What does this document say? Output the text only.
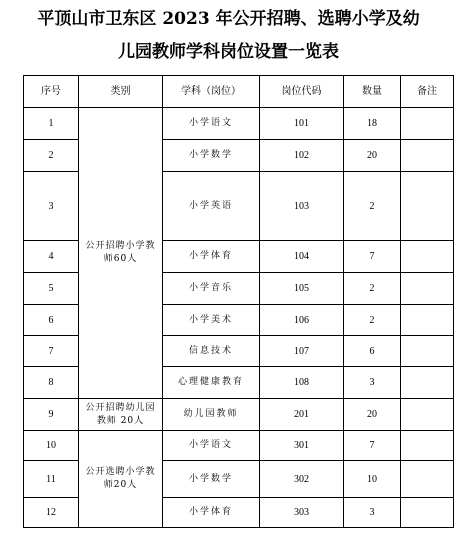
平顶山市卫东区 2023 年公开招聘、选聘小学及幼
儿园教师学科岗位设置一览表
序号	类别	学科（岗位）	岗位代码	数量	备注
1	公开招聘小学教师60人	小学语文	101	18	
2		小学数学	102	20	
3		小学英语	103	2	
4		小学体育	104	7	
5		小学音乐	105	2	
6		小学美术	106	2	
7		信息技术	107	6	
8		心理健康教育	108	3	
9	公开招聘幼儿园教师 20人	幼儿园教师	201	20	
10	公开选聘小学教师20人	小学语文	301	7	
11		小学数学	302	10	
12		小学体育	303	3	
